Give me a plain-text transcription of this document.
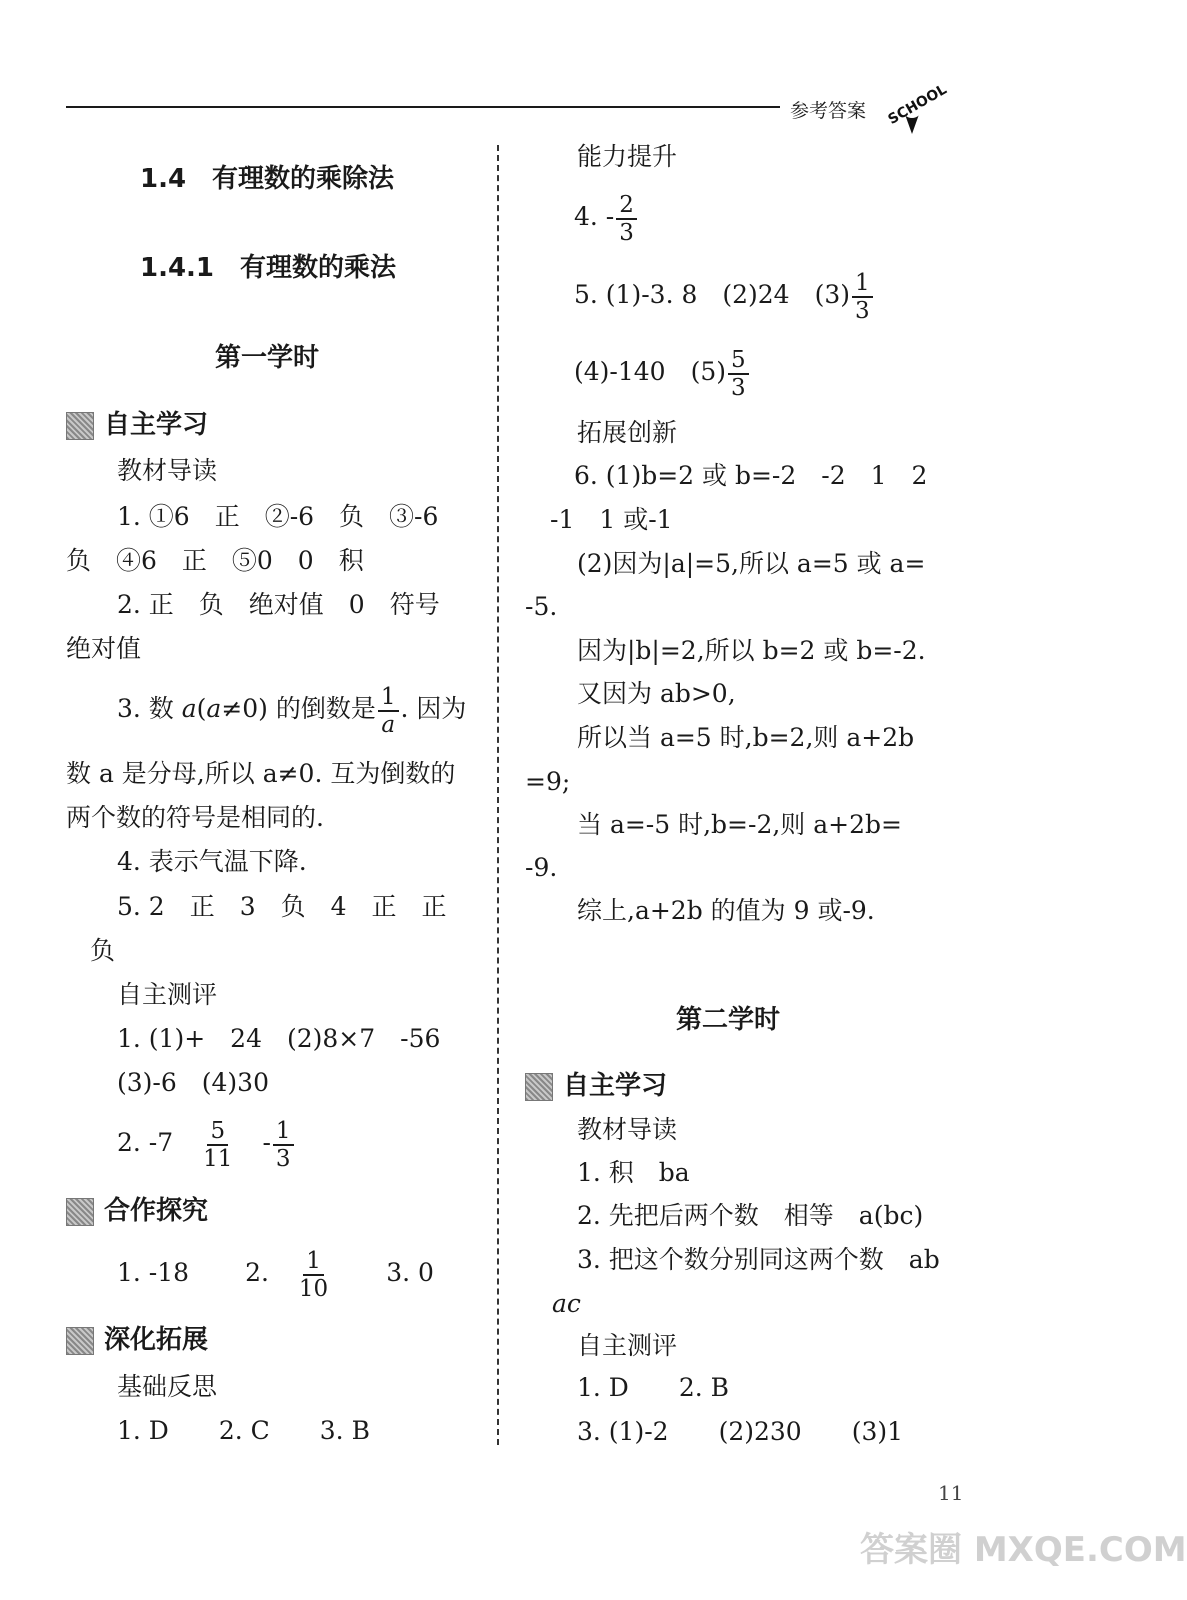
参考答案 SCHOOL
1.4　有理数的乘除法
1.4.1　有理数的乘法
第一学时
自主学习
教材导读
1. ①6　正　②-6　负　③-6
负　④6　正　⑤0　0　积
2. 正　负　绝对值　0　符号
绝对值
3. 数 a(a≠0) 的倒数是 $\frac{1}{a}$ . 因为
数 a 是分母,所以 a≠0. 互为倒数的
两个数的符号是相同的.
4. 表示气温下降.
5. 2　正　3　负　4　正　正
负
自主测评
1. (1)+　24　(2)8×7　-56
(3)-6　(4)30
2. $-7 \frac{5}{11} - \frac{1}{3}$
合作探究
1. -18 2. $\frac{1}{10} 3$. 0
深化拓展
基础反思
1. D　　2. C　　3. B
能力提升
4. - $\frac{2}{3}$
5. (1)-3. 8　(2)24　$(3) \frac{1}{3}$
(4)-140　$(5) \frac{5}{3}$
拓展创新
6. (1)b=2 或 b=-2　-2　1　2
-1　1 或-1
(2)因为|a|=5,所以 a=5 或 a=
-5.
因为|b|=2,所以 b=2 或 b=-2.
又因为 ab>0,
所以当 a=5 时,b=2,则 a+2b
=9;
当 a=-5 时,b=-2,则 a+2b=
-9.
综上,a+2b 的值为 9 或-9.
第二学时
自主学习
教材导读
1. 积　ba
2. 先把后两个数　相等　a(bc)
3. 把这个数分别同这两个数　ab
ac
自主测评
1. D　　2. B
3. (1)-2　　(2)230　　(3)1
11
答案圈 MXQE.COM
